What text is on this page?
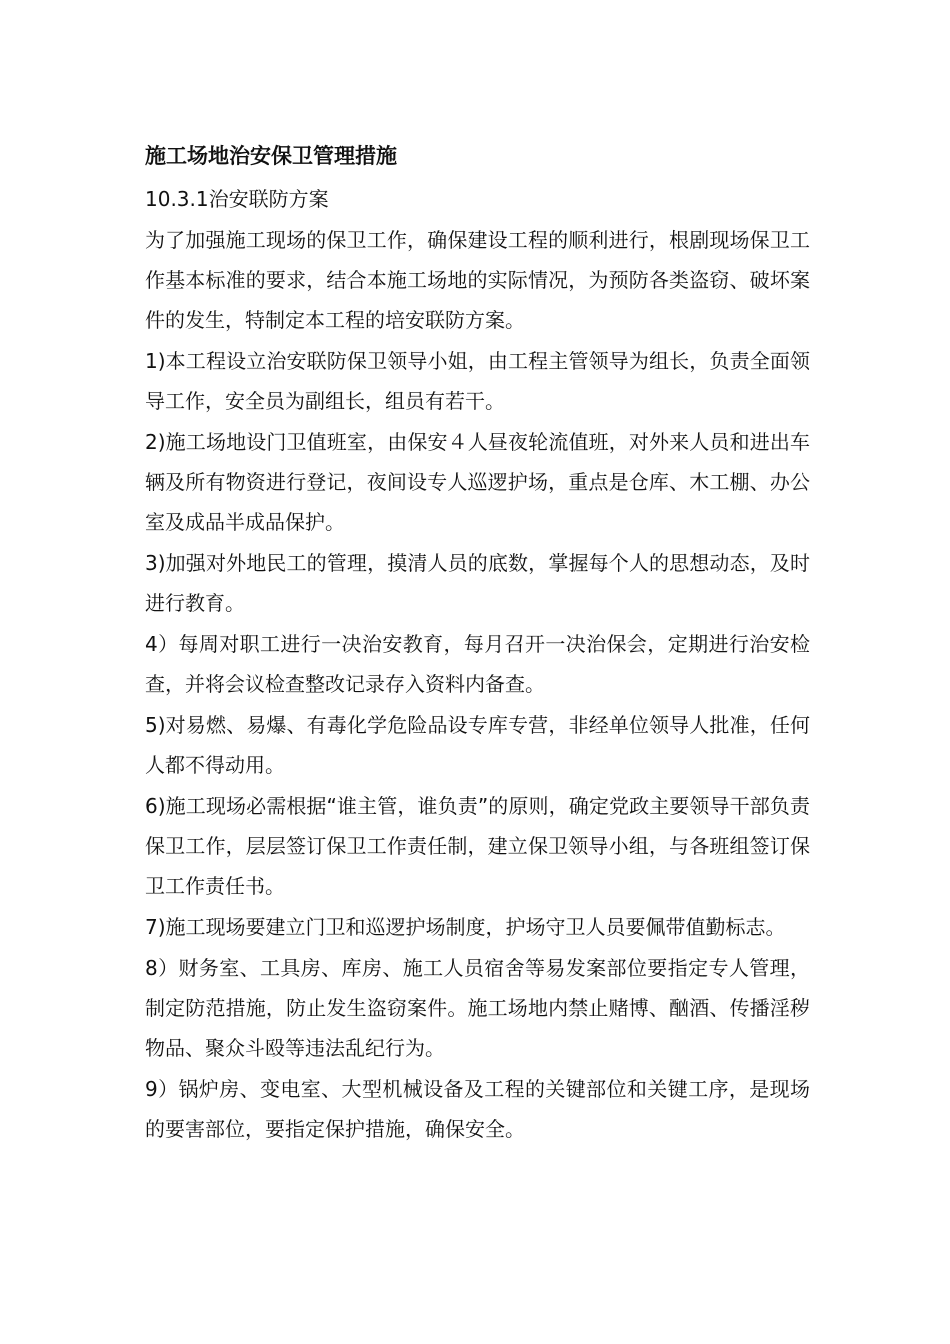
施工场地治安保卫管理措施
10.3.1治安联防方案

为了加强施工现场的保卫工作，确保建设工程的顺利进行，根剧现场保卫工作基本标准的要求，结合本施工场地的实际情况，为预防各类盗窃、破坏案件的发生，特制定本工程的培安联防方案。

1)本工程设立治安联防保卫领导小姐，由工程主管领导为组长，负责全面领导工作，安全员为副组长，组员有若干。

2)施工场地设门卫值班室，由保安４人昼夜轮流值班，对外来人员和进出车辆及所有物资进行登记，夜间设专人巡逻护场，重点是仓库、木工棚、办公室及成品半成品保护。

3)加强对外地民工的管理，摸清人员的底数，掌握每个人的思想动态，及时进行教育。

4）每周对职工进行一决治安教育，每月召开一决治保会，定期进行治安检查，并将会议检查整改记录存入资料内备查。

5)对易燃、易爆、有毒化学危险品设专库专营，非经单位领导人批准，任何人都不得动用。

6)施工现场必需根据“谁主管，谁负责”的原则，确定党政主要领导干部负责保卫工作，层层签订保卫工作责任制，建立保卫领导小组，与各班组签订保卫工作责任书。

7)施工现场要建立门卫和巡逻护场制度，护场守卫人员要佩带值勤标志。

8）财务室、工具房、库房、施工人员宿舍等易发案部位要指定专人管理，制定防范措施，防止发生盗窃案件。施工场地内禁止赌博、酗酒、传播淫秽物品、聚众斗殴等违法乱纪行为。

9）锅炉房、变电室、大型机械设备及工程的关键部位和关键工序，是现场的要害部位，要指定保护措施，确保安全。
